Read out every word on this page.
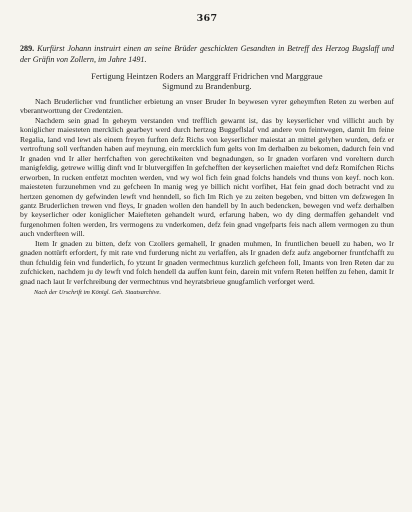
367
289. Kurfürst Johann instruirt einen an seine Brüder geschickten Gesandten in Betreff des Herzog Bugslaff und der Gräfin von Zollern, im Jahre 1491.
Fertigung Heintzen Roders an Marggraff Fridrichen vnd Marggraue
Sigmund zu Brandenburg.

Nach Bruderlicher vnd fruntlicher erbietung an vnser Bruder In beywesen vyrer geheymften Reten zu werben auf vberantworttung der Credentzien.

Nachdem sein gnad In geheym verstanden vnd trefflich gewarnt ist, das by keyserlicher vnd villicht auch by koniglicher maiesteten mercklich gearbeyt werd durch hertzog Buggeflslaf vnd andere von feintwegen, damit Im feine Regalia, land vnd lewt als einem freyen furften defz Richs von keyserlicher maiestat an mittel gelyhen wurden, defz er vertroftung soll verftanden haben auf meynung, ein mercklich fum gelts von Im derhalben zu bekomen, dadurch fein vnd Ir gnaden vnd Ir aller herrfchaften von gerechtikeiten vnd begnadungen, so Ir gnaden vorfaren vnd voreltern durch manigfeldig, getrewe willig dinft vnd Ir blutvergiffen In gefchefften der keyserlichen maieftet vnd defz Romifchen Richs erworben, In rucken entfetzt mochten werden, vnd wy wol fich fein gnad folchs handels vnd thuns von keyf. noch kon. maiesteten furzunehmen vnd zu gefcheen In manig weg ye billich nicht vorfihet, Hat fein gnad doch betracht vnd zu hertzen genomen dy gefwinden lewft vnd henndell, so fich Im Rich ye zu zeiten begeben, vnd bitten vm defzwegen In gantz Bruderlichen trewen vnd fleys, Ir gnaden wollen den handell by In auch bedencken, bewegen vnd wefz derhalben by keyserlicher oder koniglicher Maiefteten gehandelt wurd, erfarung haben, wo dy ding dermaffen gehandelt vnd furgenohmen folten werden, Irs vermogens zu vnderkomen, defz fein gnad vngefparts feis nach allem vermogen zu thun auch vnderfteen will.

Item Ir gnaden zu bitten, defz von Czollers gemahell, Ir gnaden muhmen, In fruntlichen beuell zu haben, wo Ir gnaden nottürft erfordert, fy mit rate vnd furderung nicht zu verlaffen, als Ir gnaden defz aufz angeborner fruntfchafft zu thun fchuldig fein vnd funderlich, fo ytzunt Ir gnaden vermechtnus kurzlich gefcheen foll, Imants von Iren Reten dar zu zufchicken, nachdem ju dy lewft vnd folch hendell da auffen kunt fein, darein mit vnfern Reten helffen zu fehen, damit Ir gnad nach laut Ir verfchreibung der vermechtnus vnd heyratsbrieue gnugfamlich verforget werd.

Nach der Urschrift im Königl. Geh. Staatsarchive.
